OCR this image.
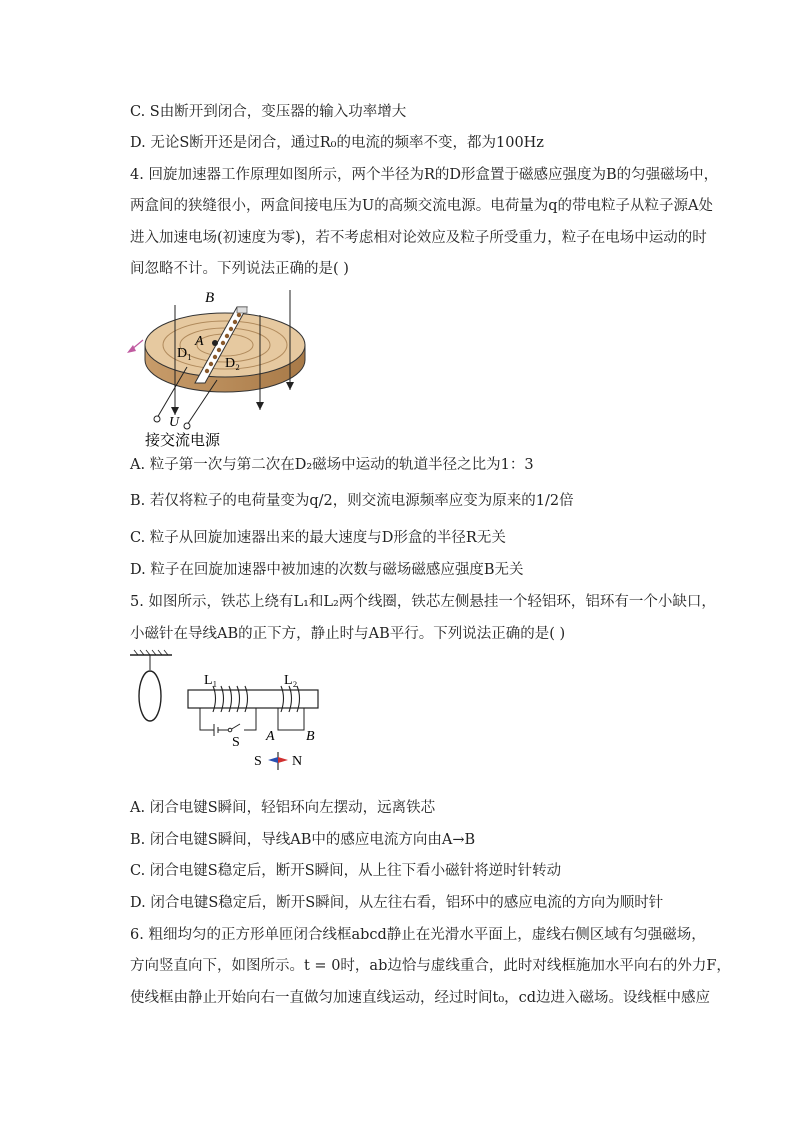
C. S由断开到闭合，变压器的输入功率增大
D. 无论S断开还是闭合，通过R₀的电流的频率不变，都为100Hz
4. 回旋加速器工作原理如图所示，两个半径为R的D形盒置于磁感应强度为B的匀强磁场中，
两盒间的狭缝很小，两盒间接电压为U的高频交流电源。电荷量为q的带电粒子从粒子源A处
进入加速电场(初速度为零)，若不考虑相对论效应及粒子所受重力，粒子在电场中运动的时
间忽略不计。下列说法正确的是( )
B
A
D₁
D₂
U
接交流电源
A. 粒子第一次与第二次在D₂磁场中运动的轨道半径之比为1：3
B. 若仅将粒子的电荷量变为q/2，则交流电源频率应变为原来的1/2倍
C. 粒子从回旋加速器出来的最大速度与D形盒的半径R无关
D. 粒子在回旋加速器中被加速的次数与磁场磁感应强度B无关
5. 如图所示，铁芯上绕有L₁和L₂两个线圈，铁芯左侧悬挂一个轻铝环，铝环有一个小缺口，
小磁针在导线AB的正下方，静止时与AB平行。下列说法正确的是( )
L₁	L₂
S A B
S N
A. 闭合电键S瞬间，轻铝环向左摆动，远离铁芯
B. 闭合电键S瞬间，导线AB中的感应电流方向由A→B
C. 闭合电键S稳定后，断开S瞬间，从上往下看小磁针将逆时针转动
D. 闭合电键S稳定后，断开S瞬间，从左往右看，铝环中的感应电流的方向为顺时针
6. 粗细均匀的正方形单匝闭合线框abcd静止在光滑水平面上，虚线右侧区域有匀强磁场，
方向竖直向下，如图所示。t = 0时，ab边恰与虚线重合，此时对线框施加水平向右的外力F，
使线框由静止开始向右一直做匀加速直线运动，经过时间t₀，cd边进入磁场。设线框中感应
